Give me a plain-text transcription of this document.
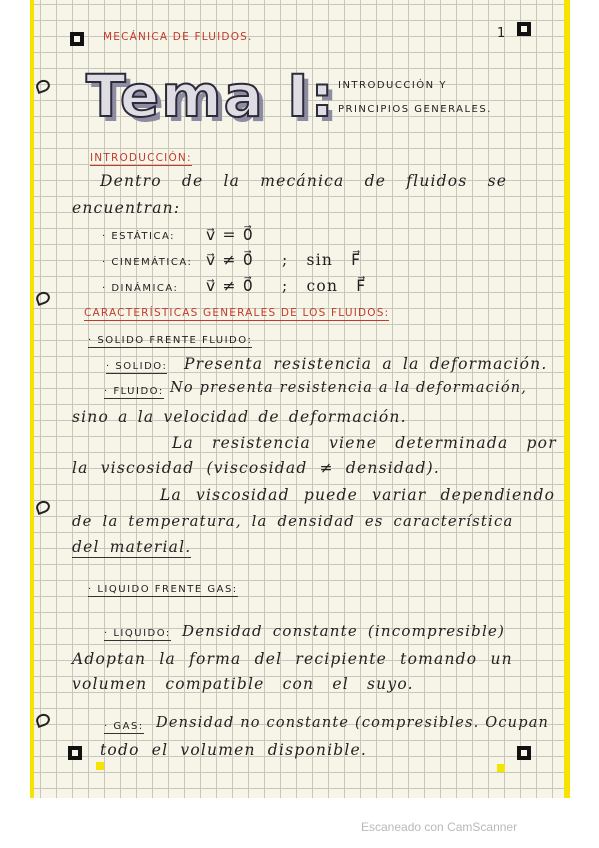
MECÁNICA DE FLUIDOS.	1
Tema I: INTRODUCCIÓN Y
PRINCIPIOS GENERALES.
INTRODUCCIÓN:
Dentro de la mecánica de fluidos se
encuentran:
· ESTÁTICA: v⃗ = 0⃗
· CINEMÁTICA: v⃗ ≠ 0⃗ ; sin F⃗
· DINÁMICA: v⃗ ≠ 0⃗ ; con F⃗
CARACTERÍSTICAS GENERALES DE LOS FLUIDOS:
· SOLIDO FRENTE FLUIDO:
· SOLIDO: Presenta resistencia a la deformación.
· FLUIDO: No presenta resistencia a la deformación,
sino a la velocidad de deformación.
La resistencia viene determinada por
la viscosidad (viscosidad ≠ densidad).
La viscosidad puede variar dependiendo
de la temperatura, la densidad es característica
del material.
· LIQUIDO FRENTE GAS:
· LIQUIDO: Densidad constante (incompresible)
Adoptan la forma del recipiente tomando un
volumen compatible con el suyo.
· GAS: Densidad no constante (compresibles. Ocupan
todo el volumen disponible.
Escaneado con CamScanner
